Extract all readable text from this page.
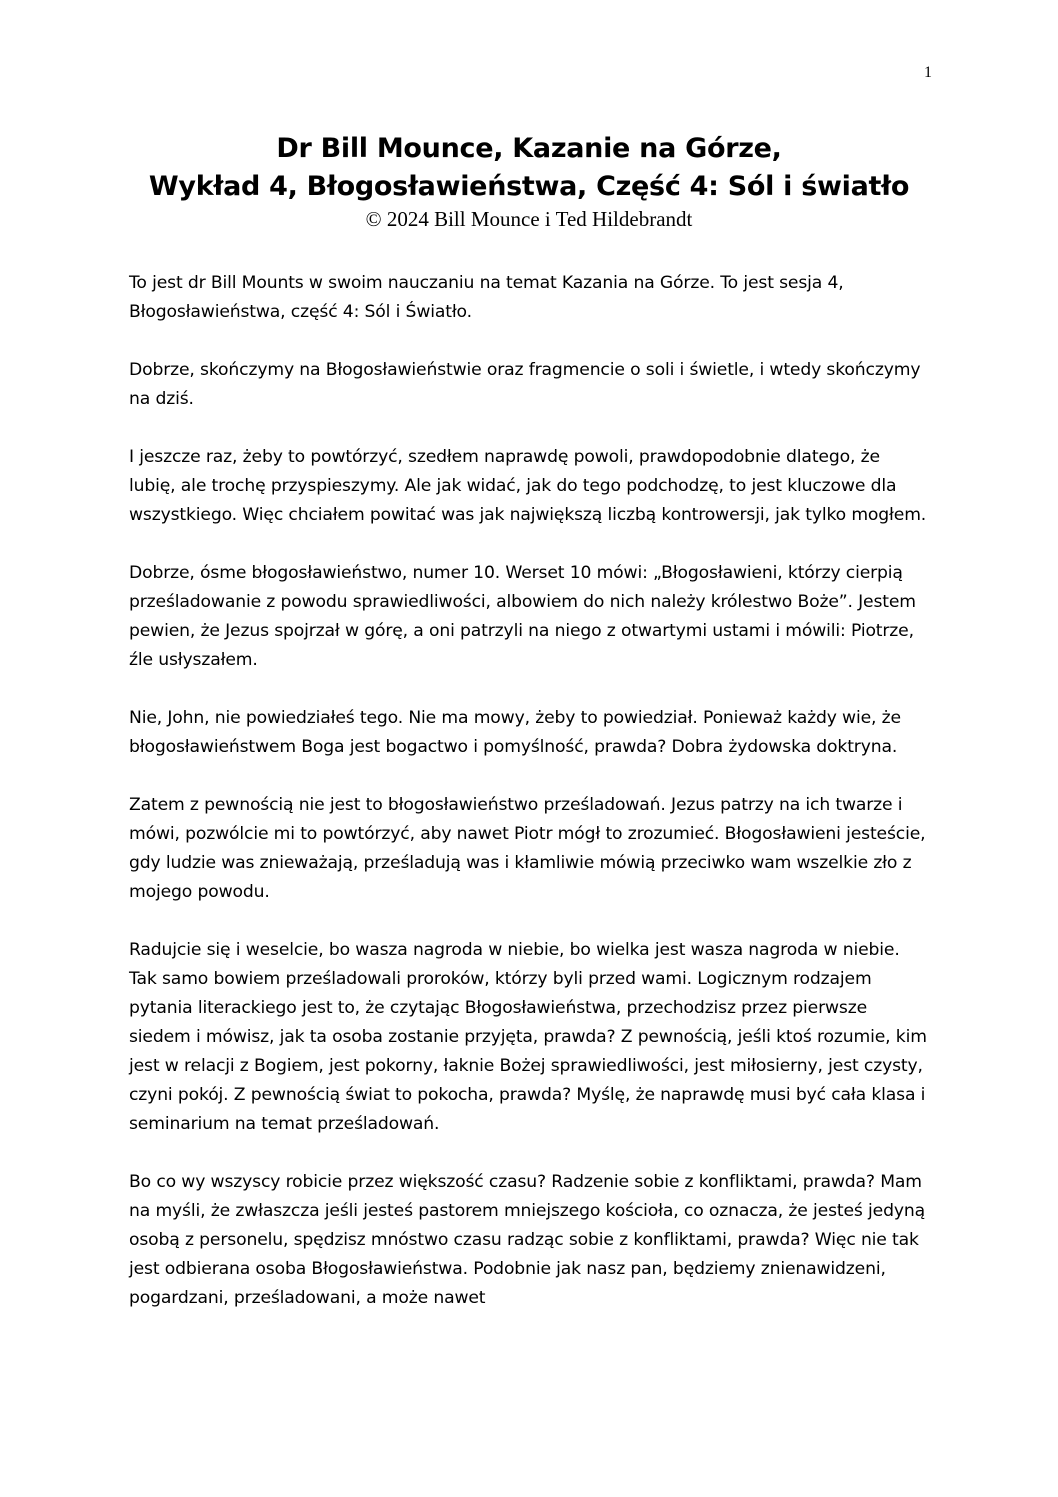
1

Dr Bill Mounce, Kazanie na Górze,

Wykład 4, Błogosławieństwa, Część 4: Sól i światło

© 2024 Bill Mounce i Ted Hildebrandt

To jest dr Bill Mounts w swoim nauczaniu na temat Kazania na Górze. To jest sesja 4, Błogosławieństwa, część 4: Sól i Światło.

Dobrze, skończymy na Błogosławieństwie oraz fragmencie o soli i świetle, i wtedy skończymy na dziś.

I jeszcze raz, żeby to powtórzyć, szedłem naprawdę powoli, prawdopodobnie dlatego, że lubię, ale trochę przyspieszymy. Ale jak widać, jak do tego podchodzę, to jest kluczowe dla wszystkiego. Więc chciałem powitać was jak największą liczbą kontrowersji, jak tylko mogłem.

Dobrze, ósme błogosławieństwo, numer 10. Werset 10 mówi: „Błogosławieni, którzy cierpią prześladowanie z powodu sprawiedliwości, albowiem do nich należy królestwo Boże”. Jestem pewien, że Jezus spojrzał w górę, a oni patrzyli na niego z otwartymi ustami i mówili: Piotrze, źle usłyszałem.

Nie, John, nie powiedziałeś tego. Nie ma mowy, żeby to powiedział. Ponieważ każdy wie, że błogosławieństwem Boga jest bogactwo i pomyślność, prawda? Dobra żydowska doktryna.

Zatem z pewnością nie jest to błogosławieństwo prześladowań. Jezus patrzy na ich twarze i mówi, pozwólcie mi to powtórzyć, aby nawet Piotr mógł to zrozumieć. Błogosławieni jesteście, gdy ludzie was znieważają, prześladują was i kłamliwie mówią przeciwko wam wszelkie zło z mojego powodu.

Radujcie się i weselcie, bo wasza nagroda w niebie, bo wielka jest wasza nagroda w niebie. Tak samo bowiem prześladowali proroków, którzy byli przed wami. Logicznym rodzajem pytania literackiego jest to, że czytając Błogosławieństwa, przechodzisz przez pierwsze siedem i mówisz, jak ta osoba zostanie przyjęta, prawda? Z pewnością, jeśli ktoś rozumie, kim jest w relacji z Bogiem, jest pokorny, łaknie Bożej sprawiedliwości, jest miłosierny, jest czysty, czyni pokój. Z pewnością świat to pokocha, prawda? Myślę, że naprawdę musi być cała klasa i seminarium na temat prześladowań.

Bo co wy wszyscy robicie przez większość czasu? Radzenie sobie z konfliktami, prawda? Mam na myśli, że zwłaszcza jeśli jesteś pastorem mniejszego kościoła, co oznacza, że jesteś jedyną osobą z personelu, spędzisz mnóstwo czasu radząc sobie z konfliktami, prawda? Więc nie tak jest odbierana osoba Błogosławieństwa. Podobnie jak nasz pan, będziemy znienawidzeni, pogardzani, prześladowani, a może nawet
